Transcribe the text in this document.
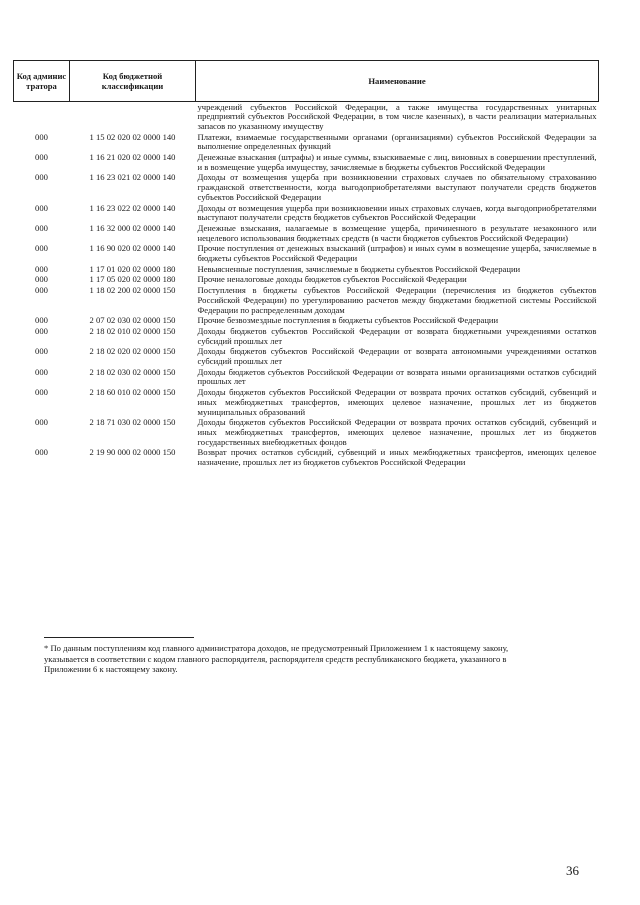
Код админис тратора	Код бюджетной классификации	Наименование
		учреждений субъектов Российской Федерации, а также имущества государственных унитарных предприятий субъектов Российской Федерации, в том числе казенных), в части реализации материальных запасов по указанному имуществу
000	1 15 02 020 02 0000 140	Платежи, взимаемые государственными органами (организациями) субъектов Российской Федерации за выполнение определенных функций
000	1 16 21 020 02 0000 140	Денежные взыскания (штрафы) и иные суммы, взыскиваемые с лиц, виновных в совершении преступлений, и в возмещение ущерба имуществу, зачисляемые в бюджеты субъектов Российской Федерации
000	1 16 23 021 02 0000 140	Доходы от возмещения ущерба при возникновении страховых случаев по обязательному страхованию гражданской ответственности, когда выгодоприобретателями выступают получатели средств бюджетов субъектов Российской Федерации
000	1 16 23 022 02 0000 140	Доходы от возмещения ущерба при возникновении иных страховых случаев, когда выгодоприобретателями выступают получатели средств бюджетов субъектов Российской Федерации
000	1 16 32 000 02 0000 140	Денежные взыскания, налагаемые в возмещение ущерба, причиненного в результате незаконного или нецелевого использования бюджетных средств (в части бюджетов субъектов Российской Федерации)
000	1 16 90 020 02 0000 140	Прочие поступления от денежных взысканий (штрафов) и иных сумм в возмещение ущерба, зачисляемые в бюджеты субъектов Российской Федерации
000	1 17 01 020 02 0000 180	Невыясненные поступления, зачисляемые в бюджеты субъектов Российской Федерации
000	1 17 05 020 02 0000 180	Прочие неналоговые доходы бюджетов субъектов Российской Федерации
000	1 18 02 200 02 0000 150	Поступления в бюджеты субъектов Российской Федерации (перечисления из бюджетов субъектов Российской Федерации) по урегулированию расчетов между бюджетами бюджетной системы Российской Федерации по распределенным доходам
000	2 07 02 030 02 0000 150	Прочие безвозмездные поступления в бюджеты субъектов Российской Федерации
000	2 18 02 010 02 0000 150	Доходы бюджетов субъектов Российской Федерации от возврата бюджетными учреждениями остатков субсидий прошлых лет
000	2 18 02 020 02 0000 150	Доходы бюджетов субъектов Российской Федерации от возврата автономными учреждениями остатков субсидий прошлых лет
000	2 18 02 030 02 0000 150	Доходы бюджетов субъектов Российской Федерации от возврата иными организациями остатков субсидий прошлых лет
000	2 18 60 010 02 0000 150	Доходы бюджетов субъектов Российской Федерации от возврата прочих остатков субсидий, субвенций и иных межбюджетных трансфертов, имеющих целевое назначение, прошлых лет из бюджетов муниципальных образований
000	2 18 71 030 02 0000 150	Доходы бюджетов субъектов Российской Федерации от возврата прочих остатков субсидий, субвенций и иных межбюджетных трансфертов, имеющих целевое назначение, прошлых лет из бюджетов государственных внебюджетных фондов
000	2 19 90 000 02 0000 150	Возврат прочих остатков субсидий, субвенций и иных межбюджетных трансфертов, имеющих целевое назначение, прошлых лет из бюджетов субъектов Российской Федерации
* По данным поступлениям код главного администратора доходов, не предусмотренный Приложением 1 к настоящему закону, указывается в соответствии с кодом главного распорядителя, распорядителя средств республиканского бюджета, указанного в Приложении 6 к настоящему закону.
36
